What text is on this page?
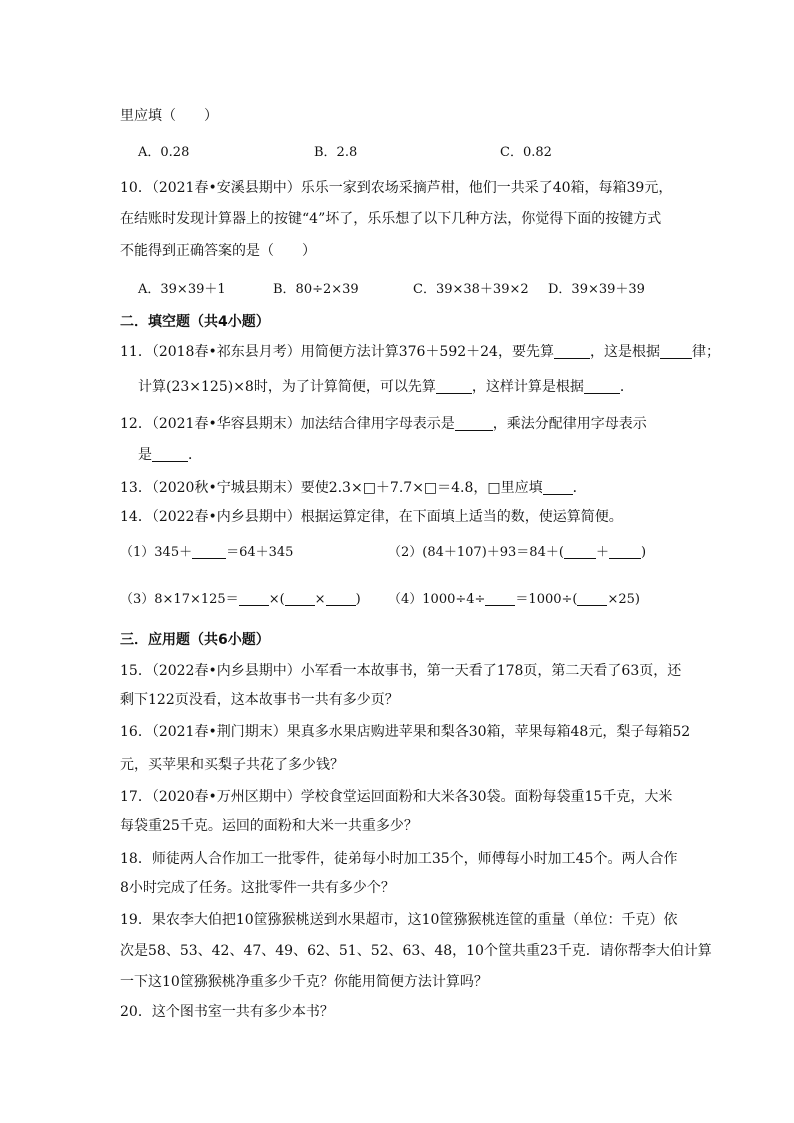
里应填（　　）
A．0.28	B．2.8	C．0.82
10．（2021春•安溪县期中）乐乐一家到农场采摘芦柑，他们一共采了40箱，每箱39元，
在结账时发现计算器上的按键“4”坏了，乐乐想了以下几种方法，你觉得下面的按键方式
不能得到正确答案的是（　　）
A．39×39＋1	B．80÷2×39	C．39×38＋39×2 D．39×39＋39
二．填空题（共4小题）
11．（2018春•祁东县月考）用简便方法计算376＋592＋24，要先算	，这是根据 律；
计算(23×125)×8时，为了计算简便，可以先算	，这样计算是根据	．
12．（2021春•华容县期末）加法结合律用字母表示是	，乘法分配律用字母表示
是	．
13．（2020秋•宁城县期末）要使2.3×□＋7.7×□＝4.8，□里应填 ．
14．（2022春•内乡县期中）根据运算定律，在下面填上适当的数，使运算简便。
（1）345＋	＝64＋345	（2）(84＋107)＋93＝84＋( ＋ )
（3）8×17×125＝ ×( × ) （4）1000÷4÷ ＝1000÷( ×25)
三．应用题（共6小题）
15．（2022春•内乡县期中）小军看一本故事书，第一天看了178页，第二天看了63页，还
剩下122页没看，这本故事书一共有多少页？
16．（2021春•荆门期末）果真多水果店购进苹果和梨各30箱，苹果每箱48元，梨子每箱52
元，买苹果和买梨子共花了多少钱？
17．（2020春•万州区期中）学校食堂运回面粉和大米各30袋。面粉每袋重15千克，大米
每袋重25千克。运回的面粉和大米一共重多少？
18．师徒两人合作加工一批零件，徒弟每小时加工35个，师傅每小时加工45个。两人合作
8小时完成了任务。这批零件一共有多少个？
19．果农李大伯把10筐猕猴桃送到水果超市，这10筐猕猴桃连筐的重量（单位：千克）依
次是58、53、42、47、49、62、51、52、63、48，10个筐共重23千克．请你帮李大伯计算
一下这10筐猕猴桃净重多少千克？你能用简便方法计算吗？
20．这个图书室一共有多少本书？
